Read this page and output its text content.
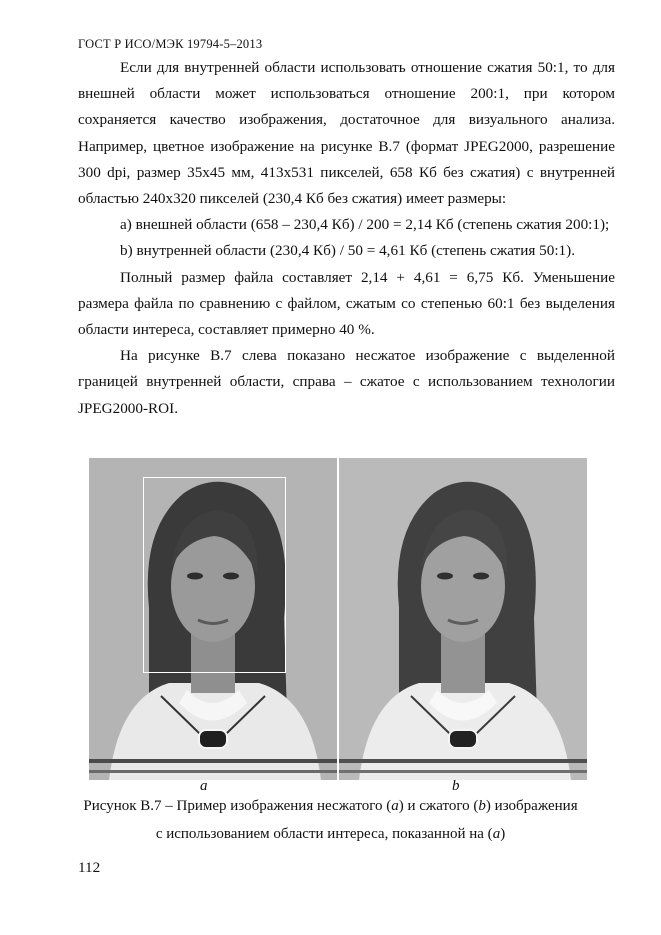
ГОСТ Р ИСО/МЭК 19794-5–2013

Если для внутренней области использовать отношение сжатия 50:1, то для внешней области может использоваться отношение 200:1, при котором сохраняется качество изображения, достаточное для визуального анализа. Например, цветное изображение на рисунке В.7 (формат JPEG2000, разрешение 300 dpi, размер 35x45 мм, 413x531 пикселей, 658 Кб без сжатия) с внутренней областью 240x320 пикселей (230,4 Кб без сжатия) имеет размеры:

a) внешней области (658 – 230,4 Кб) / 200 = 2,14 Кб (степень сжатия 200:1);

b) внутренней области (230,4 Кб) / 50 = 4,61 Кб (степень сжатия 50:1).

Полный размер файла составляет 2,14 + 4,61 = 6,75 Кб. Уменьшение размера файла по сравнению с файлом, сжатым со степенью 60:1 без выделения области интереса, составляет примерно 40 %.

На рисунке В.7 слева показано несжатое изображение с выделенной границей внутренней области, справа – сжатое с использованием технологии JPEG2000-ROI.

a	b
Рисунок В.7 – Пример изображения несжатого (a) и сжатого (b) изображения
с использованием области интереса, показанной на (a)
112
